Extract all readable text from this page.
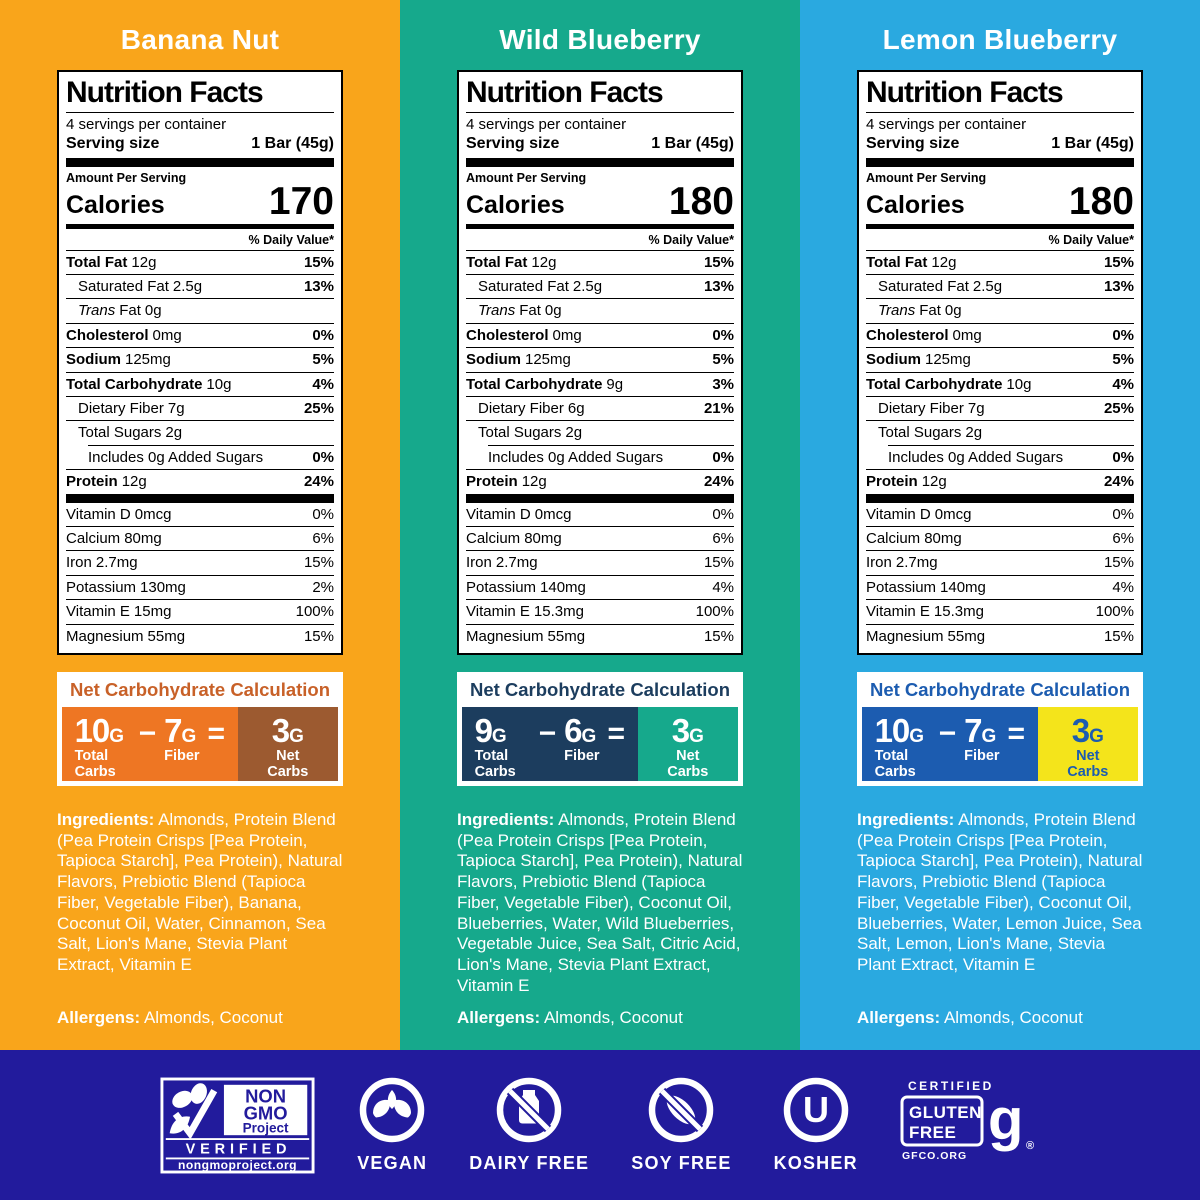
Banana Nut
Nutrition Facts
4 servings per container
Serving size	1 Bar (45g)
Amount Per Serving
Calories	170
% Daily Value*
Total Fat 12g	15%
Saturated Fat 2.5g	13%
Trans Fat 0g
Cholesterol 0mg	0%
Sodium 125mg	5%
Total Carbohydrate 10g	4%
Dietary Fiber 7g	25%
Total Sugars 2g
Includes 0g Added Sugars	0%
Protein 12g	24%
Vitamin D 0mcg	0%
Calcium 80mg	6%
Iron 2.7mg	15%
Potassium 130mg	2%
Vitamin E 15mg	100%
Magnesium 55mg	15%
Net Carbohydrate Calculation
10G
Total Carbs
− 7G
Fiber
= 3G
Net Carbs

Ingredients: Almonds, Protein Blend (Pea Protein Crisps [Pea Protein, Tapioca Starch], Pea Protein), Natural Flavors, Prebiotic Blend (Tapioca Fiber, Vegetable Fiber), Banana, Coconut Oil, Water, Cinnamon, Sea Salt, Lion's Mane, Stevia Plant Extract, Vitamin E

Allergens: Almonds, Coconut

Wild Blueberry
Nutrition Facts
4 servings per container
Serving size	1 Bar (45g)
Amount Per Serving
Calories	180
% Daily Value*
Total Fat 12g	15%
Saturated Fat 2.5g	13%
Trans Fat 0g
Cholesterol 0mg	0%
Sodium 125mg	5%
Total Carbohydrate 9g	3%
Dietary Fiber 6g	21%
Total Sugars 2g
Includes 0g Added Sugars	0%
Protein 12g	24%
Vitamin D 0mcg	0%
Calcium 80mg	6%
Iron 2.7mg	15%
Potassium 140mg	4%
Vitamin E 15.3mg	100%
Magnesium 55mg	15%
Net Carbohydrate Calculation
9G
Total Carbs
− 6G
Fiber
= 3G
Net Carbs

Ingredients: Almonds, Protein Blend (Pea Protein Crisps [Pea Protein, Tapioca Starch], Pea Protein), Natural Flavors, Prebiotic Blend (Tapioca Fiber, Vegetable Fiber), Coconut Oil, Blueberries, Water, Wild Blueberries, Vegetable Juice, Sea Salt, Citric Acid, Lion's Mane, Stevia Plant Extract, Vitamin E

Allergens: Almonds, Coconut

Lemon Blueberry
Nutrition Facts
4 servings per container
Serving size	1 Bar (45g)
Amount Per Serving
Calories	180
% Daily Value*
Total Fat 12g	15%
Saturated Fat 2.5g	13%
Trans Fat 0g
Cholesterol 0mg	0%
Sodium 125mg	5%
Total Carbohydrate 10g	4%
Dietary Fiber 7g	25%
Total Sugars 2g
Includes 0g Added Sugars	0%
Protein 12g	24%
Vitamin D 0mcg	0%
Calcium 80mg	6%
Iron 2.7mg	15%
Potassium 140mg	4%
Vitamin E 15.3mg	100%
Magnesium 55mg	15%
Net Carbohydrate Calculation
10G
Total Carbs
− 7G
Fiber
= 3G
Net Carbs

Ingredients: Almonds, Protein Blend (Pea Protein Crisps [Pea Protein, Tapioca Starch], Pea Protein), Natural Flavors, Prebiotic Blend (Tapioca Fiber, Vegetable Fiber), Coconut Oil, Blueberries, Water, Lemon Juice, Sea Salt, Lemon, Lion's Mane, Stevia Plant Extract, Vitamin E

Allergens: Almonds, Coconut

NON
GMO
Project
VERIFIED
nongmoproject.org	VEGAN DAIRY FREE SOY FREE
U
KOSHER
CERTIFIED
GLUTEN
FREE g ®
GFCO.ORG
